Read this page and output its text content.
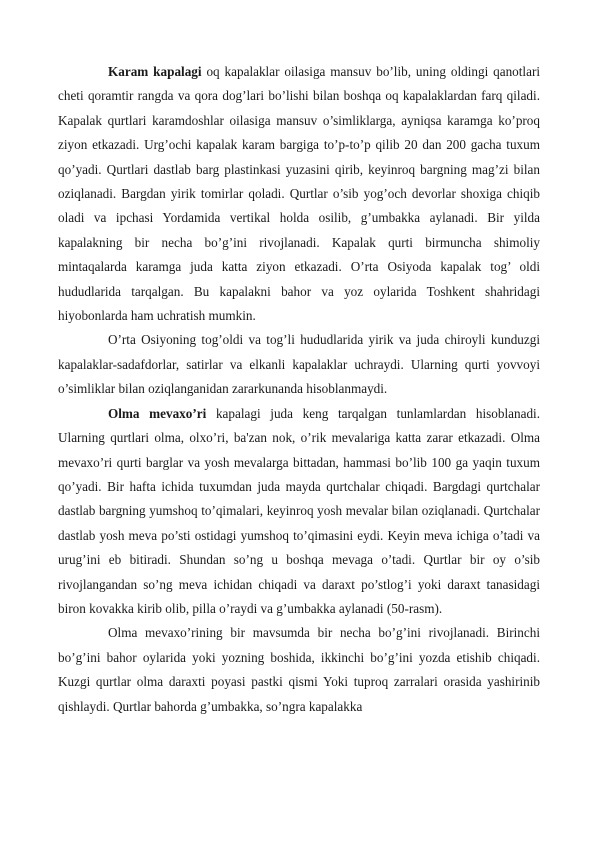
Karam kapalagi oq kapalaklar oilasiga mansuv bo’lib, uning oldingi qanotlari cheti qoramtir rangda va qora dog’lari bo’lishi bilan boshqa oq kapalaklardan farq qiladi. Kapalak qurtlari karamdoshlar oilasiga mansuv o’simliklarga, ayniqsa karamga ko’proq ziyon etkazadi. Urg’ochi kapalak karam bargiga to’p-to’p qilib 20 dan 200 gacha tuxum qo’yadi. Qurtlari dastlab barg plastinkasi yuzasini qirib, keyinroq bargning mag’zi bilan oziqlanadi. Bargdan yirik tomirlar qoladi. Qurtlar o’sib yog’och devorlar shoxiga chiqib oladi va ipchasi Yordamida vertikal holda osilib, g’umbakka aylanadi. Bir yilda kapalakning bir necha bo’g’ini rivojlanadi. Kapalak qurti birmuncha shimoliy mintaqalarda karamga juda katta ziyon etkazadi. O’rta Osiyoda kapalak tog’ oldi hududlarida tarqalgan. Bu kapalakni bahor va yoz oylarida Toshkent shahridagi hiyobonlarda ham uchratish mumkin.

O’rta Osiyoning tog’oldi va tog’li hududlarida yirik va juda chiroyli kunduzgi kapalaklar-sadafdorlar, satirlar va elkanli kapalaklar uchraydi. Ularning qurti yovvoyi o’simliklar bilan oziqlanganidan zararkunanda hisoblanmaydi.

Olma mevaxo’ri kapalagi juda keng tarqalgan tunlamlardan hisoblanadi. Ularning qurtlari olma, olxo’ri, ba'zan nok, o’rik mevalariga katta zarar etkazadi. Olma mevaxo’ri qurti barglar va yosh mevalarga bittadan, hammasi bo’lib 100 ga yaqin tuxum qo’yadi. Bir hafta ichida tuxumdan juda mayda qurtchalar chiqadi. Bargdagi qurtchalar dastlab bargning yumshoq to’qimalari, keyinroq yosh mevalar bilan oziqlanadi. Qurtchalar dastlab yosh meva po’sti ostidagi yumshoq to’qimasini eydi. Keyin meva ichiga o’tadi va urug’ini eb bitiradi. Shundan so’ng u boshqa mevaga o’tadi. Qurtlar bir oy o’sib rivojlangandan so’ng meva ichidan chiqadi va daraxt po’stlog’i yoki daraxt tanasidagi biron kovakka kirib olib, pilla o’raydi va g’umbakka aylanadi (50-rasm).

Olma mevaxo’rining bir mavsumda bir necha bo’g’ini rivojlanadi. Birinchi bo’g’ini bahor oylarida yoki yozning boshida, ikkinchi bo’g’ini yozda etishib chiqadi. Kuzgi qurtlar olma daraxti poyasi pastki qismi Yoki tuproq zarralari orasida yashirinib qishlaydi. Qurtlar bahorda g’umbakka, so’ngra kapalakka
